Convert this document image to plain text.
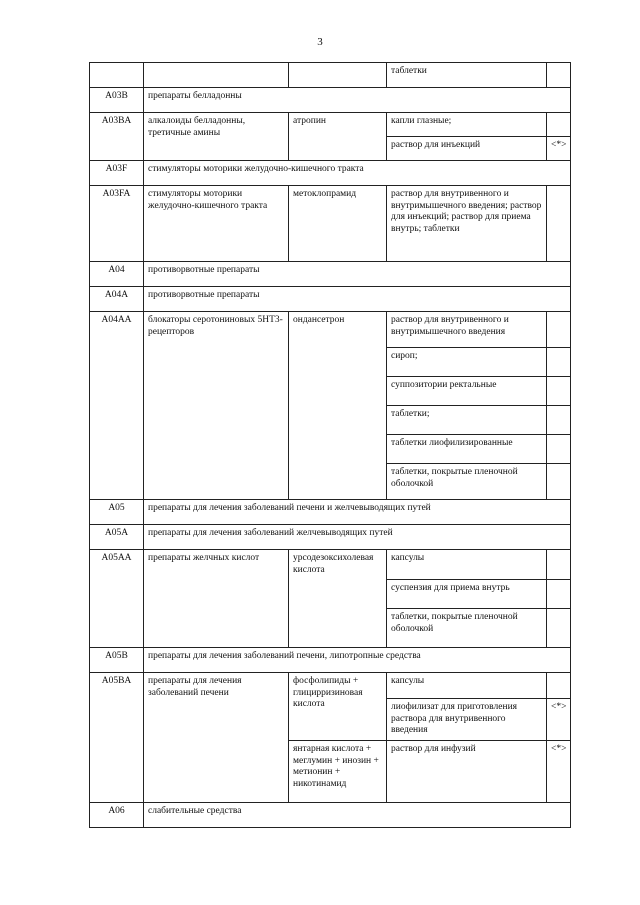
3
			таблетки	
A03B	препараты белладонны			
A03BA	алкалоиды белладонны, третичные амины	атропин	капли глазные;	
			раствор для инъекций	<*>
A03F	стимуляторы моторики желудочно-кишечного тракта			
A03FA	стимуляторы моторики желудочно-кишечного тракта	метоклопрамид	раствор для внутривенного и внутримышечного введения; раствор для инъекций; раствор для приема внутрь; таблетки	
A04	противорвотные препараты			
A04A	противорвотные препараты			
A04AA	блокаторы серотониновых 5HT3-рецепторов	ондансетрон	раствор для внутривенного и внутримышечного введения	
			сироп;	
			суппозитории ректальные	
			таблетки;	
			таблетки лиофилизированные	
			таблетки, покрытые пленочной оболочкой	
A05	препараты для лечения заболеваний печени и желчевыводящих путей			
A05A	препараты для лечения заболеваний желчевыводящих путей			
A05AA	препараты желчных кислот	урсодезоксихолевая кислота	капсулы	
			суспензия для приема внутрь	
			таблетки, покрытые пленочной оболочкой	
A05B	препараты для лечения заболеваний печени, липотропные средства			
A05BA	препараты для лечения заболеваний печени	фосфолипиды + глицирризиновая кислота	капсулы	
			лиофилизат для приготовления раствора для внутривенного введения	<*>
		янтарная кислота + меглумин + инозин + метионин + никотинамид	раствор для инфузий	<*>
A06	слабительные средства			
